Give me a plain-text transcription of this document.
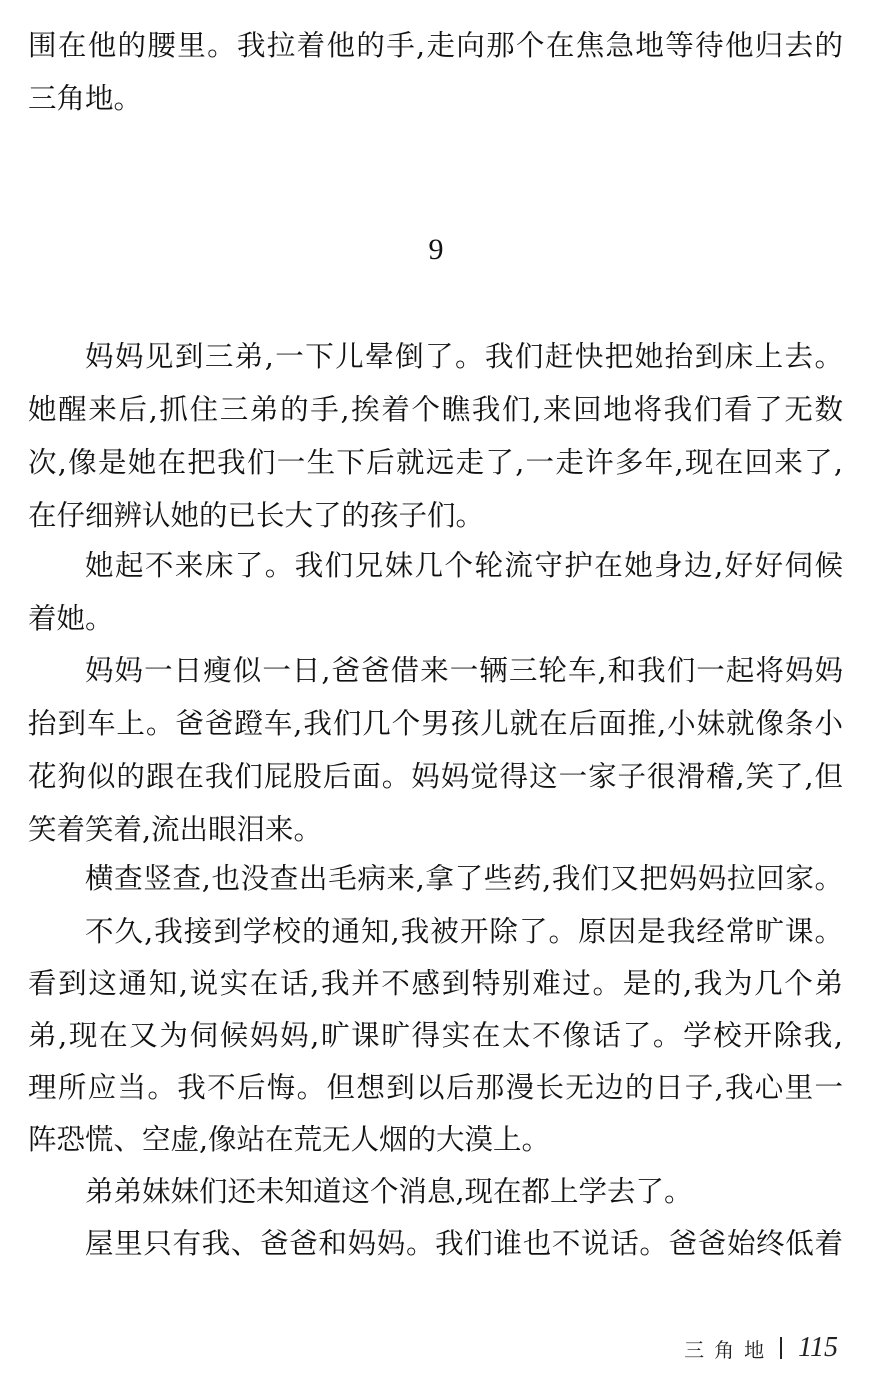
围在他的腰里。我拉着他的手,走向那个在焦急地等待他归去的
三角地。
9
妈妈见到三弟,一下儿晕倒了。我们赶快把她抬到床上去。
她醒来后,抓住三弟的手,挨着个瞧我们,来回地将我们看了无数
次,像是她在把我们一生下后就远走了,一走许多年,现在回来了,
在仔细辨认她的已长大了的孩子们。
她起不来床了。我们兄妹几个轮流守护在她身边,好好伺候
着她。
妈妈一日瘦似一日,爸爸借来一辆三轮车,和我们一起将妈妈
抬到车上。爸爸蹬车,我们几个男孩儿就在后面推,小妹就像条小
花狗似的跟在我们屁股后面。妈妈觉得这一家子很滑稽,笑了,但
笑着笑着,流出眼泪来。
横查竖查,也没查出毛病来,拿了些药,我们又把妈妈拉回家。
不久,我接到学校的通知,我被开除了。原因是我经常旷课。
看到这通知,说实在话,我并不感到特别难过。是的,我为几个弟
弟,现在又为伺候妈妈,旷课旷得实在太不像话了。学校开除我,
理所应当。我不后悔。但想到以后那漫长无边的日子,我心里一
阵恐慌、空虚,像站在荒无人烟的大漠上。
弟弟妹妹们还未知道这个消息,现在都上学去了。
屋里只有我、爸爸和妈妈。我们谁也不说话。爸爸始终低着
三角地 115
